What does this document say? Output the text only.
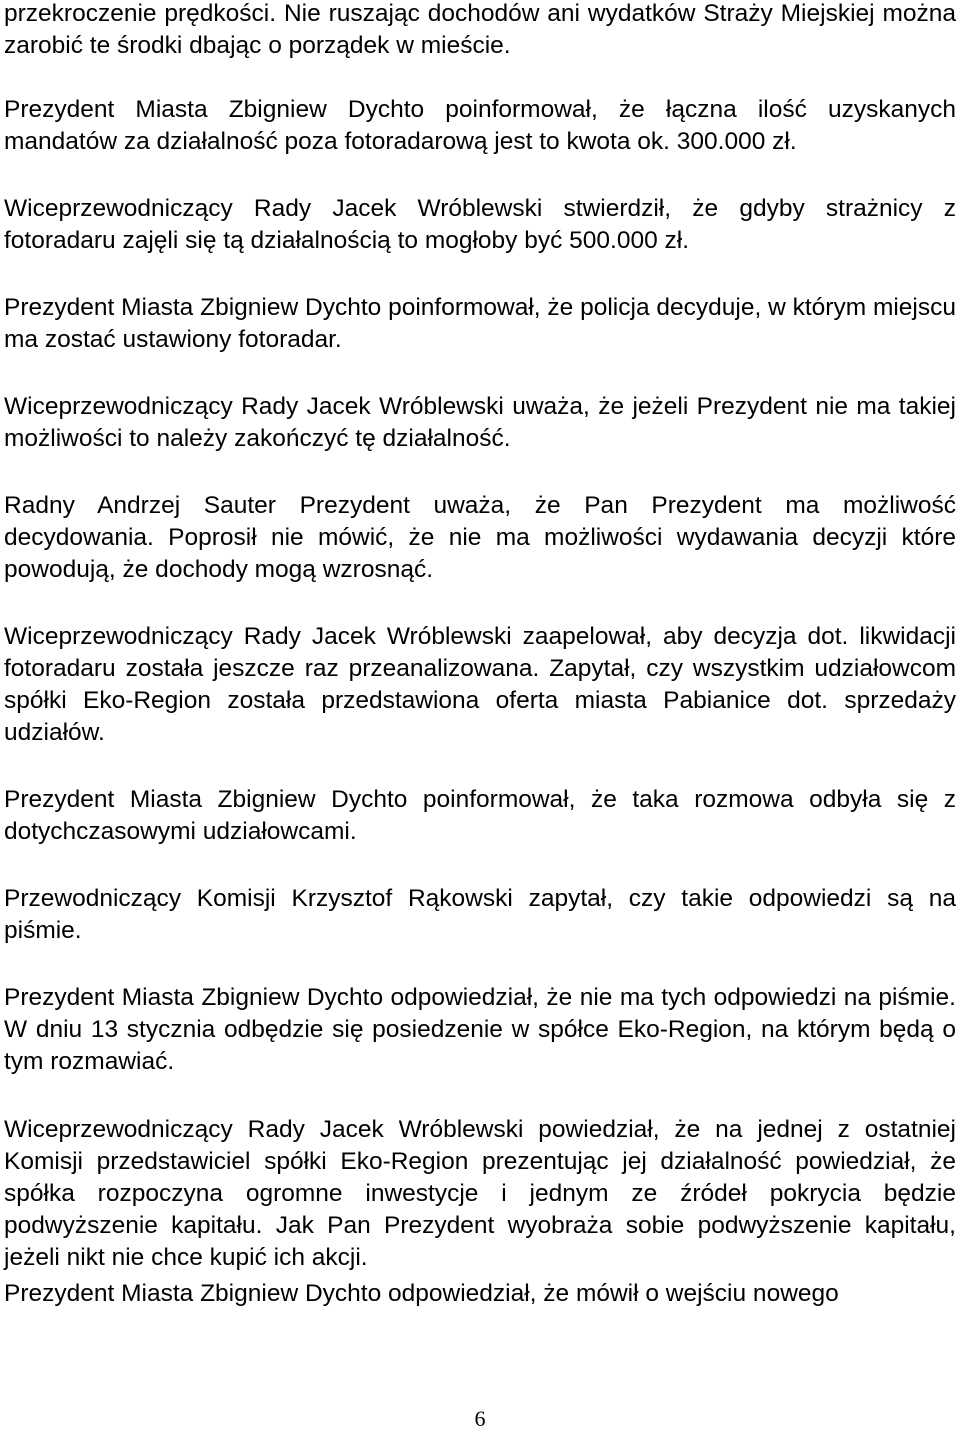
przekroczenie prędkości. Nie ruszając dochodów ani wydatków Straży Miejskiej można zarobić te środki dbając o porządek w mieście.

Prezydent Miasta Zbigniew Dychto poinformował, że łączna ilość uzyskanych mandatów za działalność poza fotoradarową jest to kwota ok. 300.000 zł.

Wiceprzewodniczący Rady Jacek Wróblewski stwierdził, że gdyby strażnicy z fotoradaru zajęli się tą działalnością to mogłoby być 500.000 zł.

Prezydent Miasta Zbigniew Dychto poinformował, że policja decyduje, w którym miejscu ma zostać ustawiony fotoradar.

Wiceprzewodniczący Rady Jacek Wróblewski uważa, że jeżeli Prezydent nie ma takiej możliwości to należy zakończyć tę działalność.

Radny Andrzej Sauter Prezydent uważa, że Pan Prezydent ma możliwość decydowania. Poprosił nie mówić, że nie ma możliwości wydawania decyzji które powodują, że dochody mogą wzrosnąć.

Wiceprzewodniczący Rady Jacek Wróblewski zaapelował, aby decyzja dot. likwidacji fotoradaru została jeszcze raz przeanalizowana. Zapytał, czy wszystkim udziałowcom spółki Eko-Region została przedstawiona oferta miasta Pabianice dot. sprzedaży udziałów.

Prezydent Miasta Zbigniew Dychto poinformował, że taka rozmowa odbyła się z dotychczasowymi udziałowcami.

Przewodniczący Komisji Krzysztof Rąkowski zapytał, czy takie odpowiedzi są na piśmie.

Prezydent Miasta Zbigniew Dychto odpowiedział, że nie ma tych odpowiedzi na piśmie. W dniu 13 stycznia odbędzie się posiedzenie w spółce Eko-Region, na którym będą o tym rozmawiać.

Wiceprzewodniczący Rady Jacek Wróblewski powiedział, że na jednej z ostatniej Komisji przedstawiciel spółki Eko-Region prezentując jej działalność powiedział, że spółka rozpoczyna ogromne inwestycje i jednym ze źródeł pokrycia będzie podwyższenie kapitału. Jak Pan Prezydent wyobraża sobie podwyższenie kapitału, jeżeli nikt nie chce kupić ich akcji.

Prezydent Miasta Zbigniew Dychto odpowiedział, że mówił o wejściu nowego

6
